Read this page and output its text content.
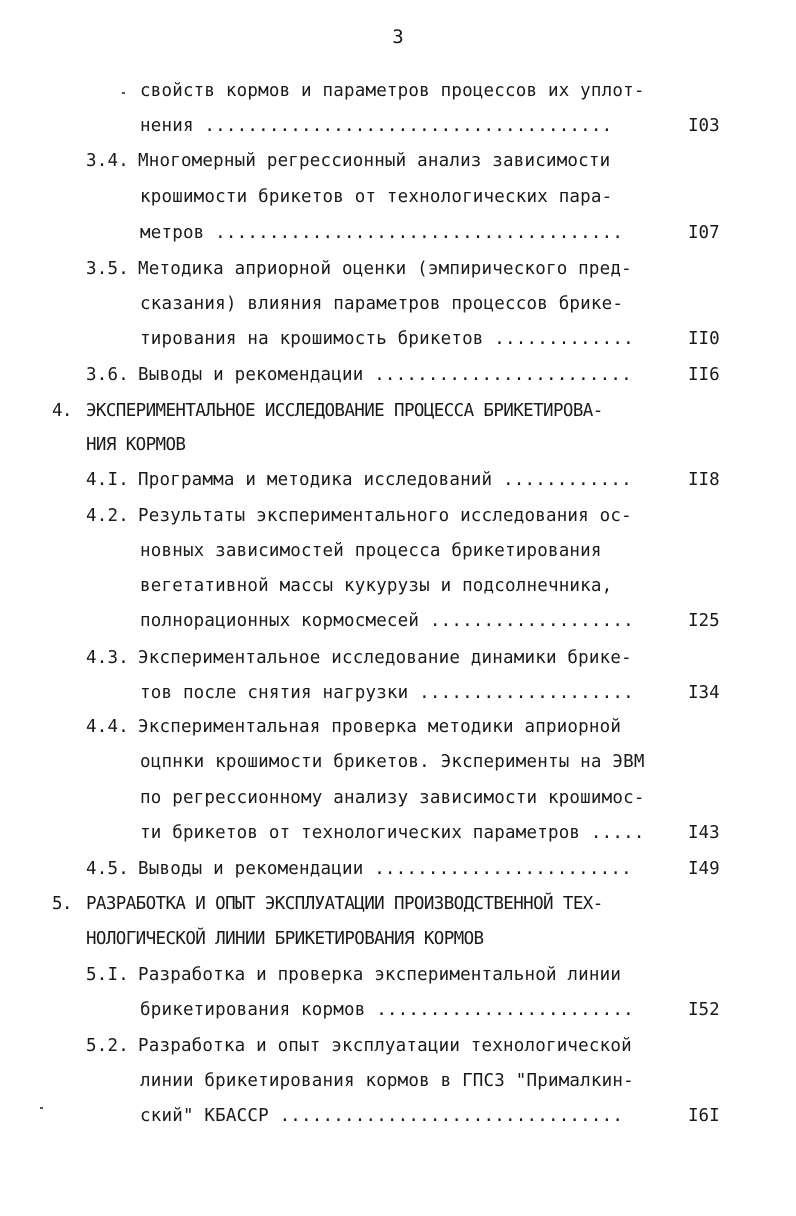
3
свойств кормов и параметров процессов их уплот-
нения ......................................	I03
3.4. Многомерный регрессионный анализ зависимости
крошимости брикетов от технологических пара-
метров ......................................	I07
3.5. Методика априорной оценки (эмпирического пред-
сказания) влияния параметров процессов брике-
тирования на крошимость брикетов .............	II0
3.6. Выводы и рекомендации ........................	II6
4. ЭКСПЕРИМЕНТАЛЬНОЕ ИССЛЕДОВАНИЕ ПРОЦЕССА БРИКЕТИРОВА-
НИЯ КОРМОВ
4.I. Программа и методика исследований ............	II8
4.2. Результаты экспериментального исследования ос-
новных зависимостей процесса брикетирования
вегетативной массы кукурузы и подсолнечника,
полнорационных кормосмесей ...................	I25
4.3. Экспериментальное исследование динамики брике-
тов после снятия нагрузки ....................	I34
4.4. Экспериментальная проверка методики априорной
оцпнки крошимости брикетов. Эксперименты на ЭВМ
по регрессионному анализу зависимости крошимос-
ти брикетов от технологических параметров ..... I43
4.5. Выводы и рекомендации ........................	I49
5. РАЗРАБОТКА И ОПЫТ ЭКСПЛУАТАЦИИ ПРОИЗВОДСТВЕННОЙ ТЕХ-
НОЛОГИЧЕСКОЙ ЛИНИИ БРИКЕТИРОВАНИЯ КОРМОВ
5.I. Разработка и проверка экспериментальной линии
брикетирования кормов ........................	I52
5.2. Разработка и опыт эксплуатации технологической
линии брикетирования кормов в ГПСЗ "Прималкин-
ский" КБАССР ................................	I6I
